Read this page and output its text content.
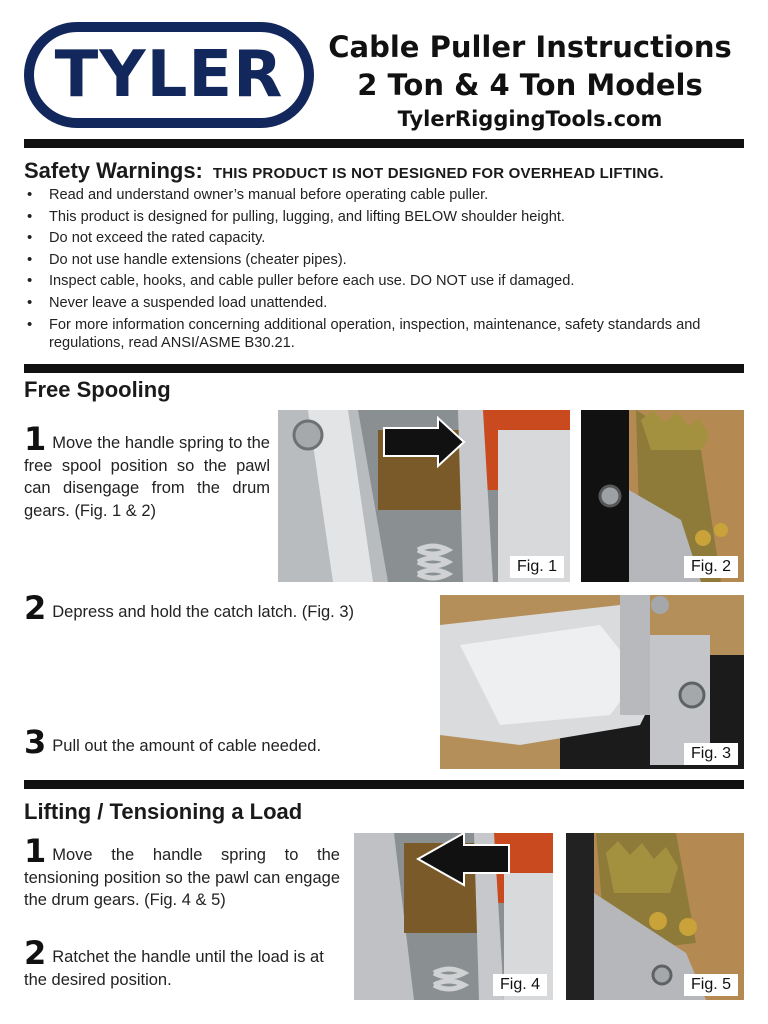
TYLER Cable Puller Instructions
2 Ton & 4 Ton Models
TylerRiggingTools.com
Safety Warnings: THIS PRODUCT IS NOT DESIGNED FOR OVERHEAD LIFTING.
• Read and understand owner’s manual before operating cable puller.
• This product is designed for pulling, lugging, and lifting BELOW shoulder height.
• Do not exceed the rated capacity.
• Do not use handle extensions (cheater pipes).
• Inspect cable, hooks, and cable puller before each use. DO NOT use if damaged.
• Never leave a suspended load unattended.
• For more information concerning additional operation, inspection, maintenance, safety standards and regulations, read ANSI/ASME B30.21.
Free Spooling
1 Move the handle spring to the free spool position so the pawl can disengage from the drum gears. (Fig. 1 & 2)
Fig. 1	Fig. 2
2 Depress and hold the catch latch. (Fig. 3)
Fig. 3
3 Pull out the amount of cable needed.
Lifting / Tensioning a Load
1 Move the handle spring to the tensioning position so the pawl can engage the drum gears. (Fig. 4 & 5)
2 Ratchet the handle until the load is at the desired position.	Fig. 4	Fig. 5
